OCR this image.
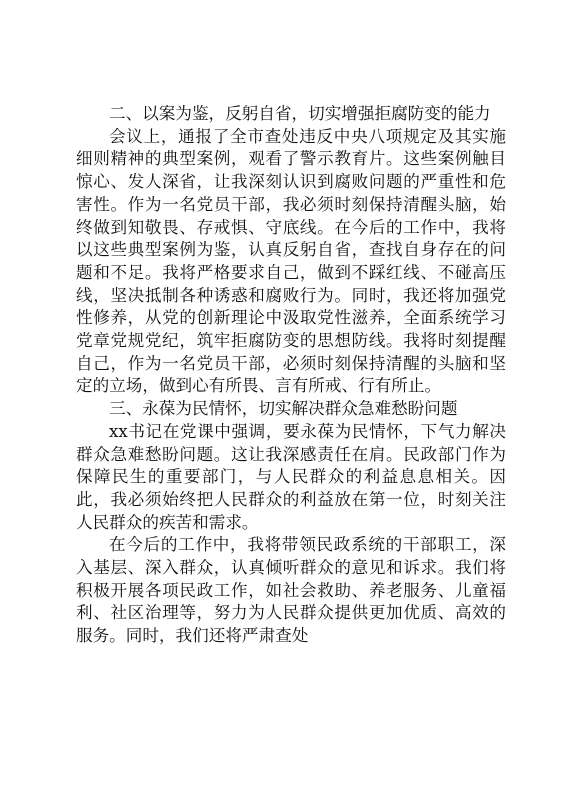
二、以案为鉴，反躬自省，切实增强拒腐防变的能力

会议上，通报了全市查处违反中央八项规定及其实施细则精神的典型案例，观看了警示教育片。这些案例触目惊心、发人深省，让我深刻认识到腐败问题的严重性和危害性。作为一名党员干部，我必须时刻保持清醒头脑，始终做到知敬畏、存戒惧、守底线。在今后的工作中，我将以这些典型案例为鉴，认真反躬自省，查找自身存在的问题和不足。我将严格要求自己，做到不踩红线、不碰高压线，坚决抵制各种诱惑和腐败行为。同时，我还将加强党性修养，从党的创新理论中汲取党性滋养，全面系统学习党章党规党纪，筑牢拒腐防变的思想防线。我将时刻提醒自己，作为一名党员干部，必须时刻保持清醒的头脑和坚定的立场，做到心有所畏、言有所戒、行有所止。

三、永葆为民情怀，切实解决群众急难愁盼问题

xx书记在党课中强调，要永葆为民情怀，下气力解决群众急难愁盼问题。这让我深感责任在肩。民政部门作为保障民生的重要部门，与人民群众的利益息息相关。因此，我必须始终把人民群众的利益放在第一位，时刻关注人民群众的疾苦和需求。

在今后的工作中，我将带领民政系统的干部职工，深入基层、深入群众，认真倾听群众的意见和诉求。我们将积极开展各项民政工作，如社会救助、养老服务、儿童福利、社区治理等，努力为人民群众提供更加优质、高效的服务。同时，我们还将严肃查处
